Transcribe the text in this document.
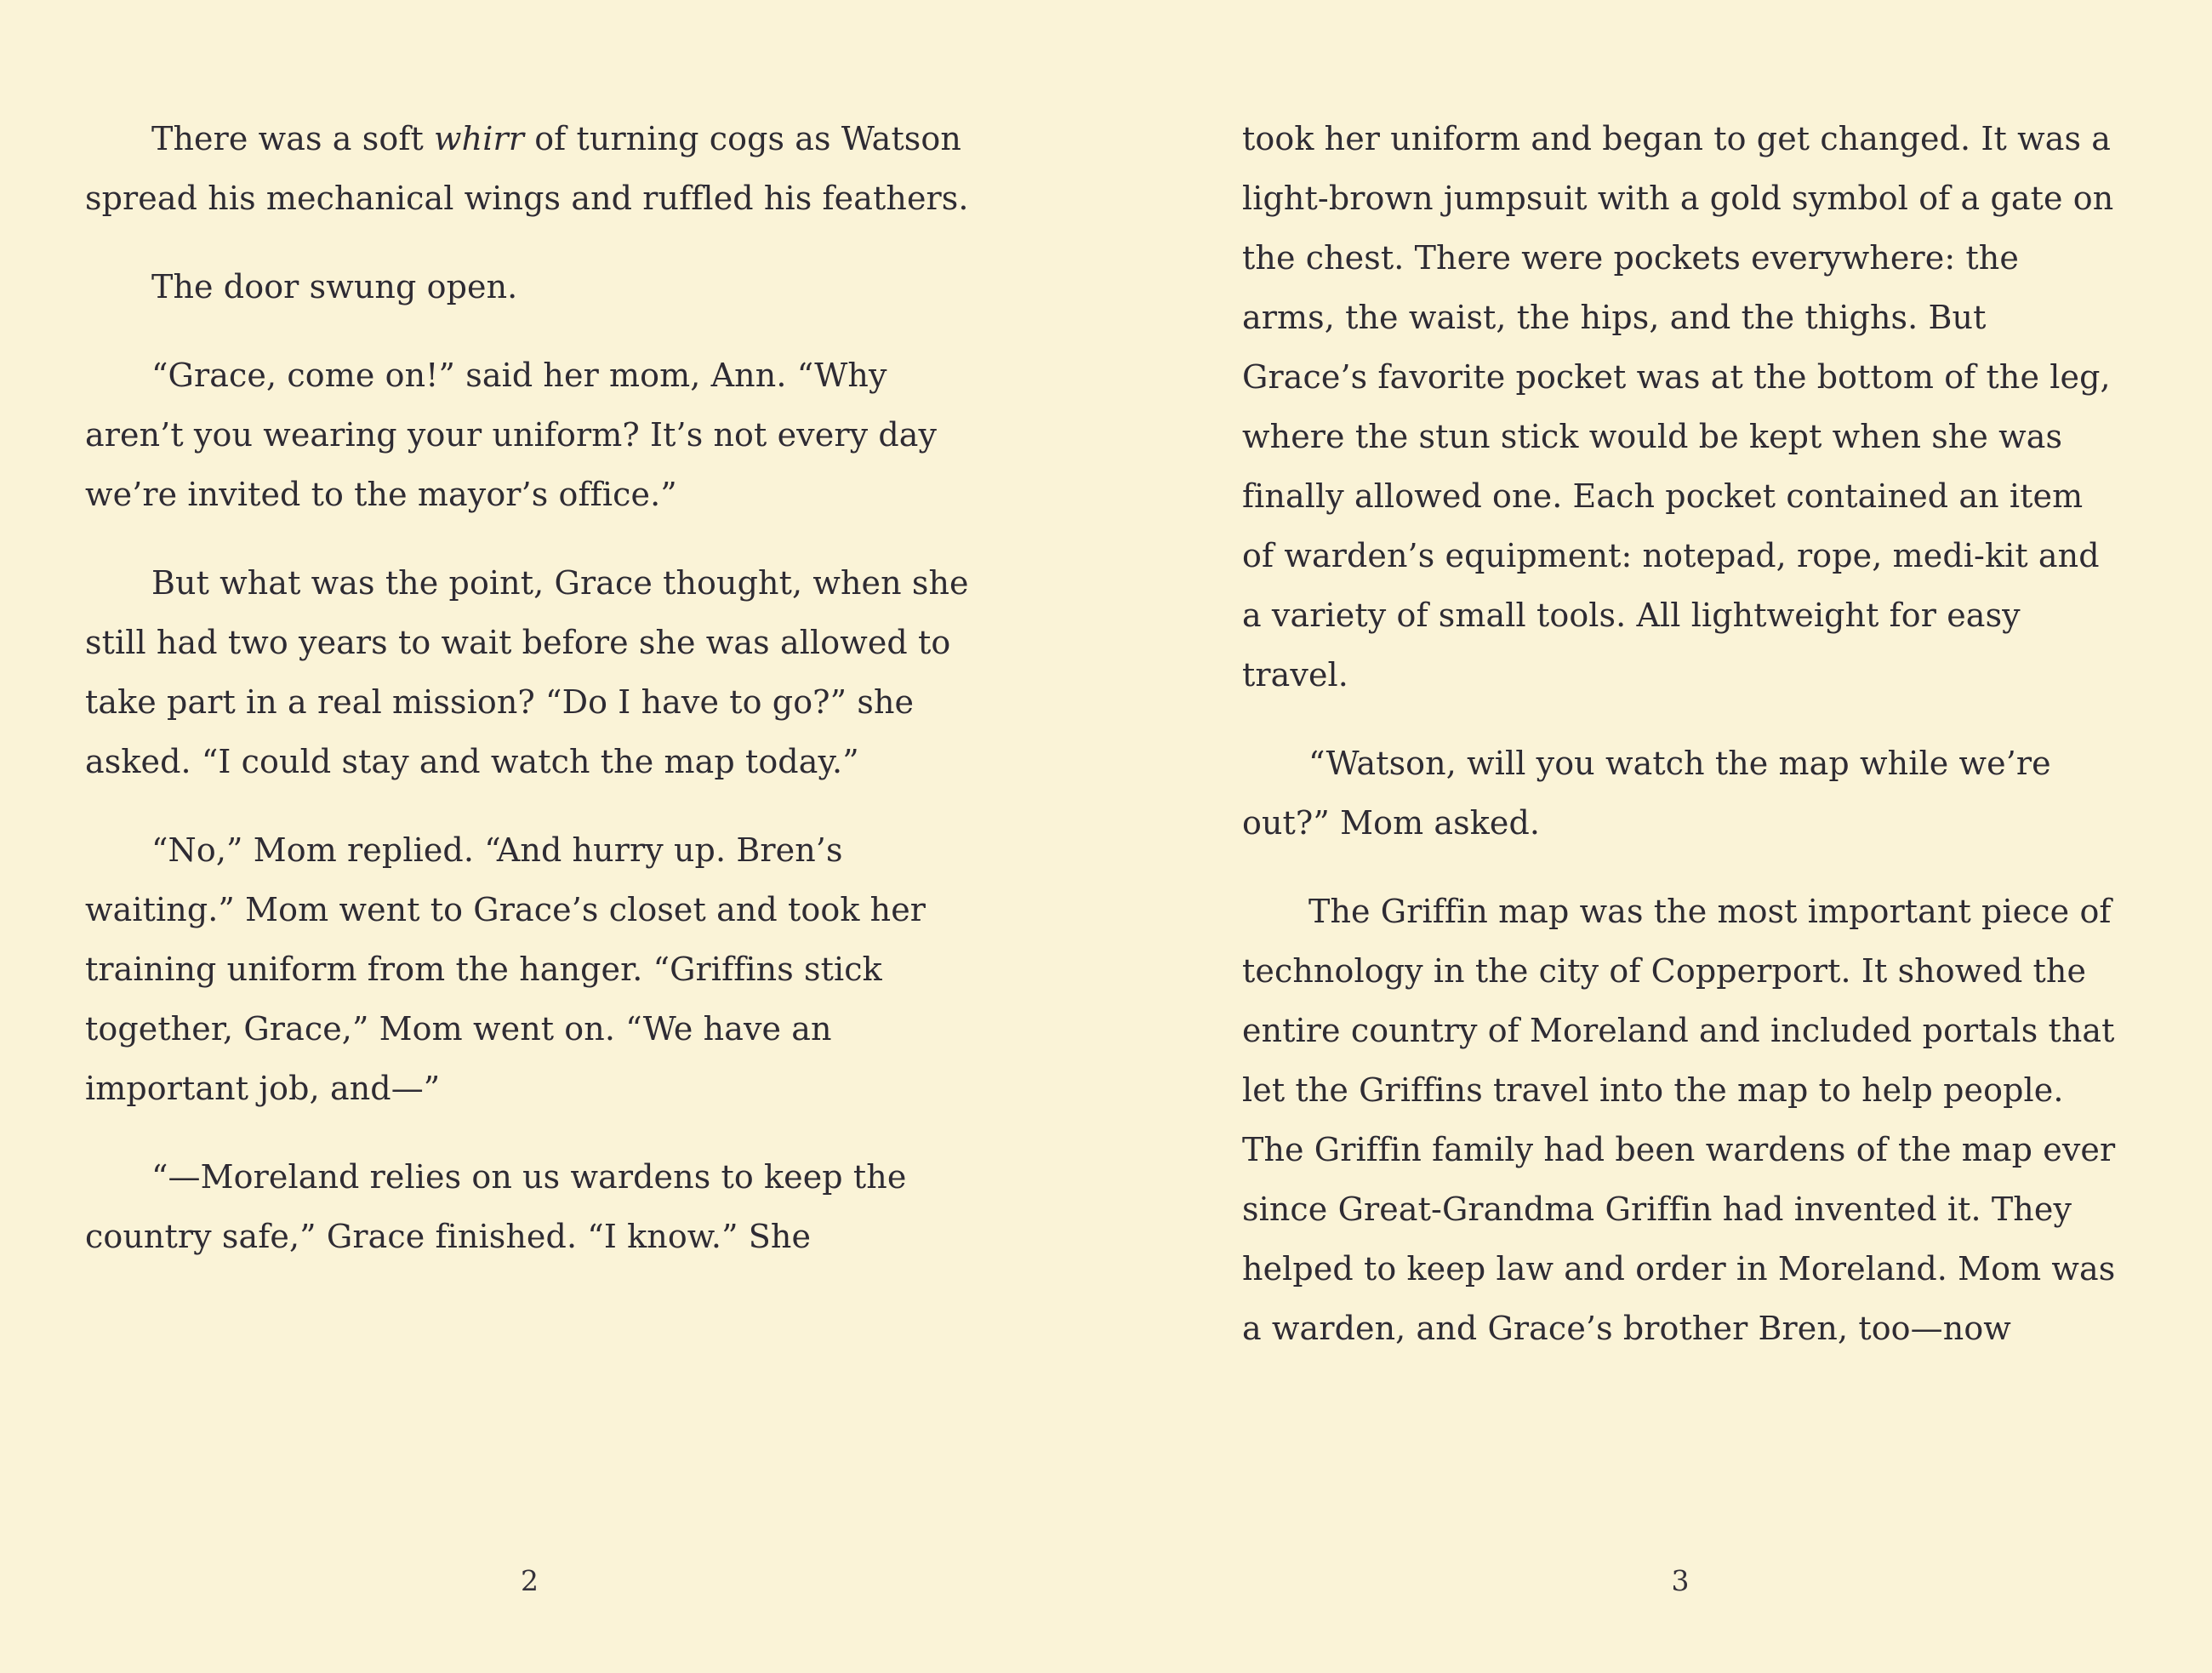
There was a soft whirr of turning cogs as Watson spread his mechanical wings and ruffled his feathers.

The door swung open.

“Grace, come on!” said her mom, Ann. “Why aren’t you wearing your uniform? It’s not every day we’re invited to the mayor’s office.”

But what was the point, Grace thought, when she still had two years to wait before she was allowed to take part in a real mission? “Do I have to go?” she asked. “I could stay and watch the map today.”

“No,” Mom replied. “And hurry up. Bren’s waiting.” Mom went to Grace’s closet and took her training uniform from the hanger. “Griffins stick together, Grace,” Mom went on. “We have an important job, and—”

“—Moreland relies on us wardens to keep the country safe,” Grace finished. “I know.” She

2

took her uniform and began to get changed. It was a light-brown jumpsuit with a gold symbol of a gate on the chest. There were pockets everywhere: the arms, the waist, the hips, and the thighs. But Grace’s favorite pocket was at the bottom of the leg, where the stun stick would be kept when she was finally allowed one. Each pocket contained an item of warden’s equipment: notepad, rope, medi-kit and a variety of small tools. All lightweight for easy travel.

“Watson, will you watch the map while we’re out?” Mom asked.

The Griffin map was the most important piece of technology in the city of Copperport. It showed the entire country of Moreland and included portals that let the Griffins travel into the map to help people. The Griffin family had been wardens of the map ever since Great-Grandma Griffin had invented it. They helped to keep law and order in Moreland. Mom was a warden, and Grace’s brother Bren, too—now

3
